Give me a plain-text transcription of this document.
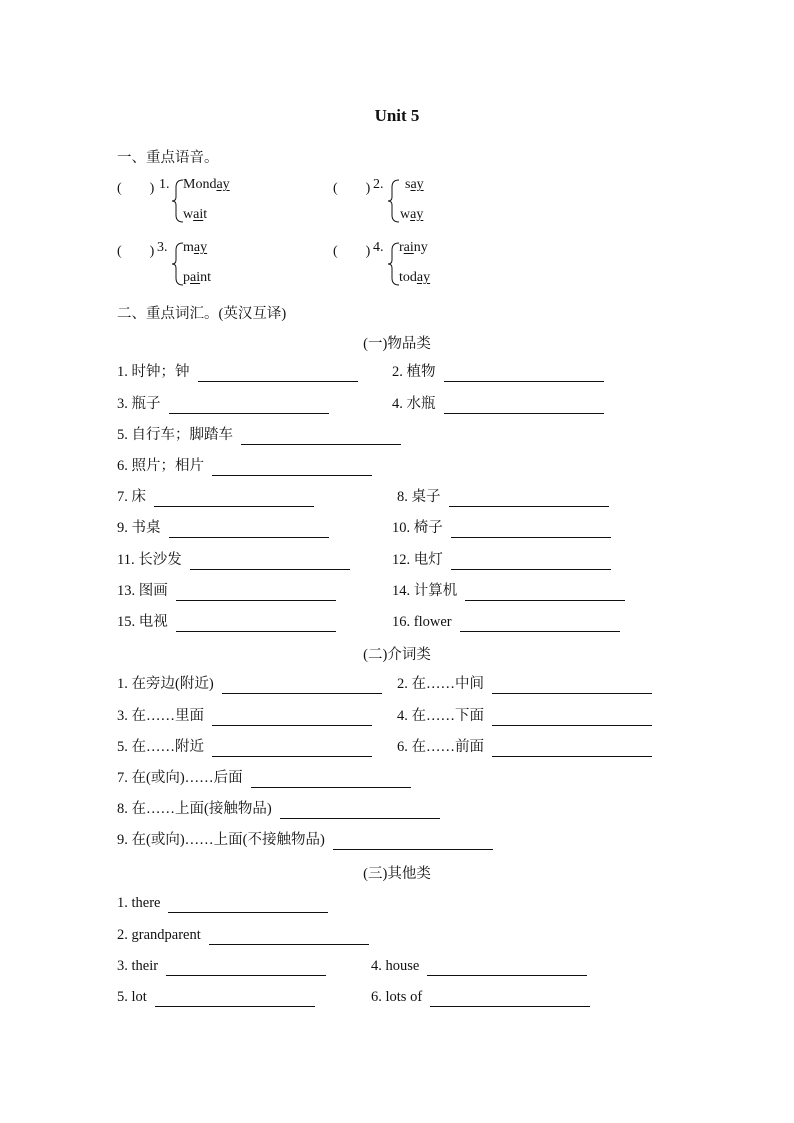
Unit 5
一、重点语音。
(　　) 1. Monday
wait
(　　) 2. say
way
(　　) 3. may
paint
(　　) 4. rainy
today
二、重点词汇。(英汉互译)
(一)物品类
1. 时钟；钟	2. 植物
3. 瓶子	4. 水瓶
5. 自行车；脚踏车
6. 照片；相片
7. 床	8. 桌子
9. 书桌	10. 椅子
11. 长沙发	12. 电灯
13. 图画	14. 计算机
15. 电视	16. flower
(二)介词类
1. 在旁边(附近)	2. 在……中间
3. 在……里面	4. 在……下面
5. 在……附近	6. 在……前面
7. 在(或向)……后面
8. 在……上面(接触物品)
9. 在(或向)……上面(不接触物品)
(三)其他类
1. there
2. grandparent
3. their	4. house
5. lot	6. lots of
